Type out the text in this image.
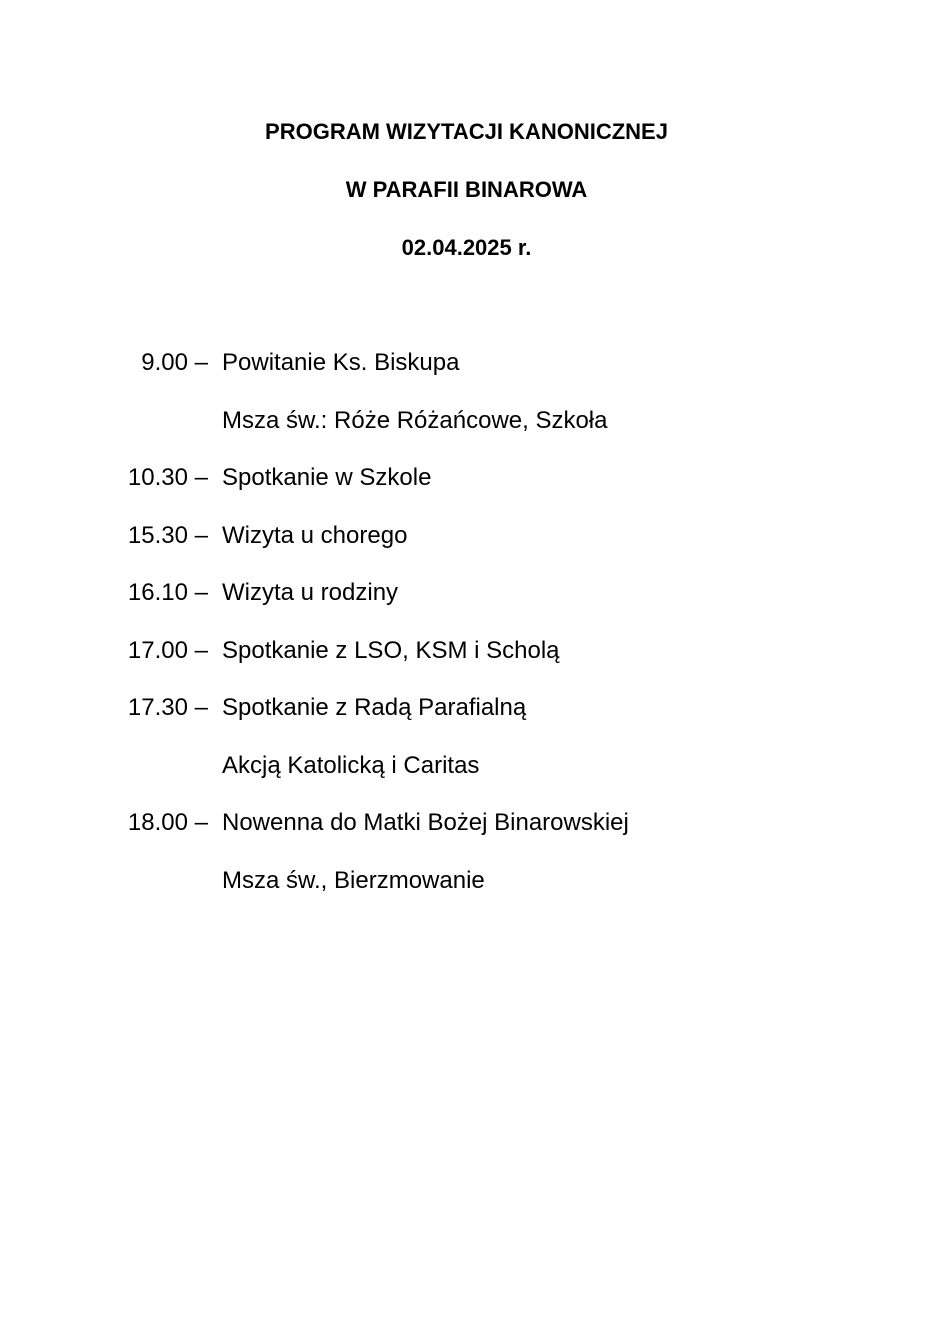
PROGRAM WIZYTACJI KANONICZNEJ
W PARAFII BINAROWA
02.04.2025 r.
9.00 – Powitanie Ks. Biskupa
Msza św.: Róże Różańcowe, Szkoła
10.30 – Spotkanie w Szkole
15.30 – Wizyta u chorego
16.10 – Wizyta u rodziny
17.00 – Spotkanie z LSO, KSM i Scholą
17.30 – Spotkanie z Radą Parafialną
Akcją Katolicką i Caritas
18.00 – Nowenna do Matki Bożej Binarowskiej
Msza św., Bierzmowanie
